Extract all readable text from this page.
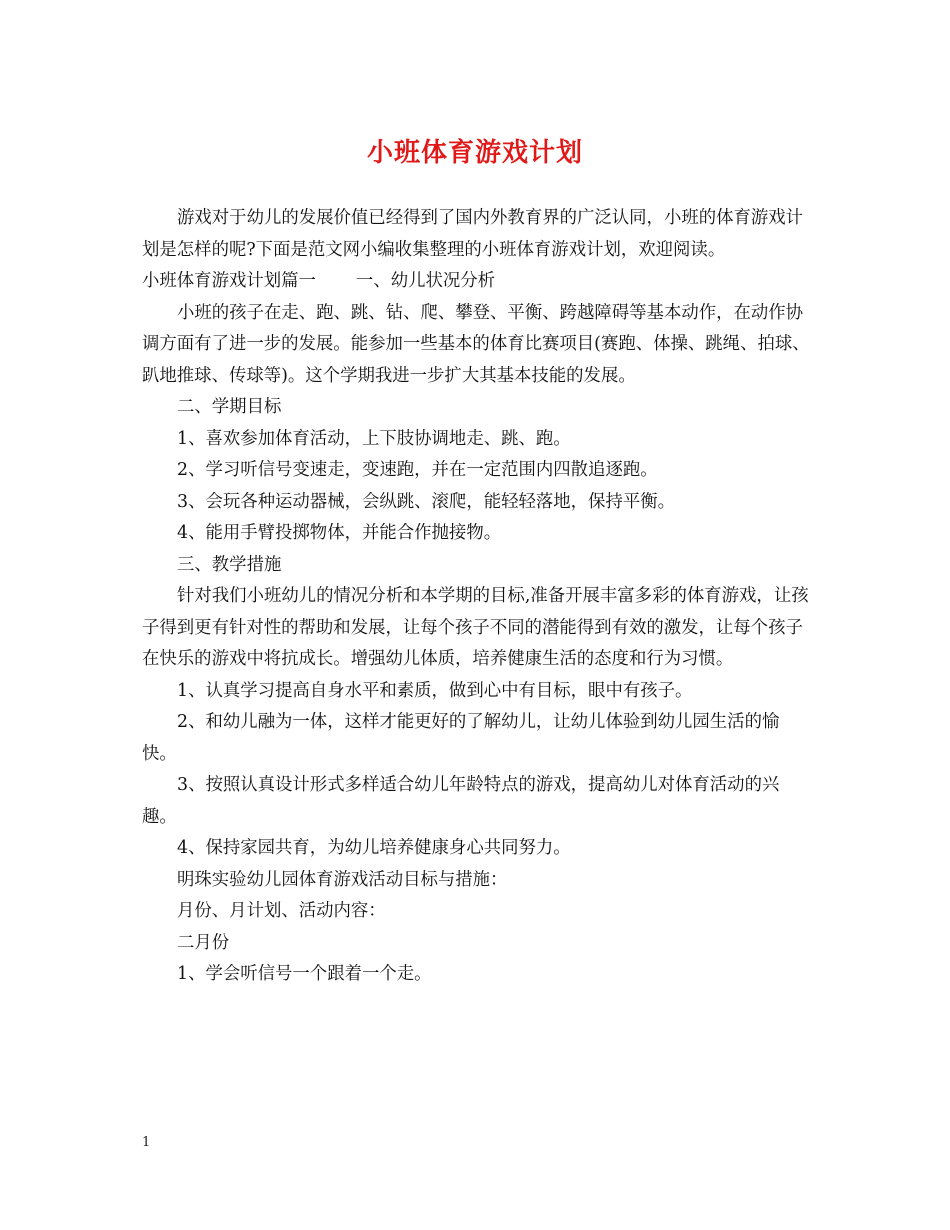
小班体育游戏计划

游戏对于幼儿的发展价值已经得到了国内外教育界的广泛认同，小班的体育游戏计划是怎样的呢?下面是范文网小编收集整理的小班体育游戏计划，欢迎阅读。

小班体育游戏计划篇一 一、幼儿状况分析

小班的孩子在走、跑、跳、钻、爬、攀登、平衡、跨越障碍等基本动作，在动作协调方面有了进一步的发展。能参加一些基本的体育比赛项目(赛跑、体操、跳绳、拍球、趴地推球、传球等)。这个学期我进一步扩大其基本技能的发展。

二、学期目标

1、喜欢参加体育活动，上下肢协调地走、跳、跑。

2、学习听信号变速走，变速跑，并在一定范围内四散追逐跑。

3、会玩各种运动器械，会纵跳、滚爬，能轻轻落地，保持平衡。

4、能用手臂投掷物体，并能合作抛接物。

三、教学措施

针对我们小班幼儿的情况分析和本学期的目标,准备开展丰富多彩的体育游戏，让孩子得到更有针对性的帮助和发展，让每个孩子不同的潜能得到有效的激发，让每个孩子在快乐的游戏中将抗成长。增强幼儿体质，培养健康生活的态度和行为习惯。

1、认真学习提高自身水平和素质，做到心中有目标，眼中有孩子。

2、和幼儿融为一体，这样才能更好的了解幼儿，让幼儿体验到幼儿园生活的愉快。

3、按照认真设计形式多样适合幼儿年龄特点的游戏，提高幼儿对体育活动的兴趣。

4、保持家园共育，为幼儿培养健康身心共同努力。

明珠实验幼儿园体育游戏活动目标与措施：

月份、月计划、活动内容：

二月份

1、学会听信号一个跟着一个走。

1
